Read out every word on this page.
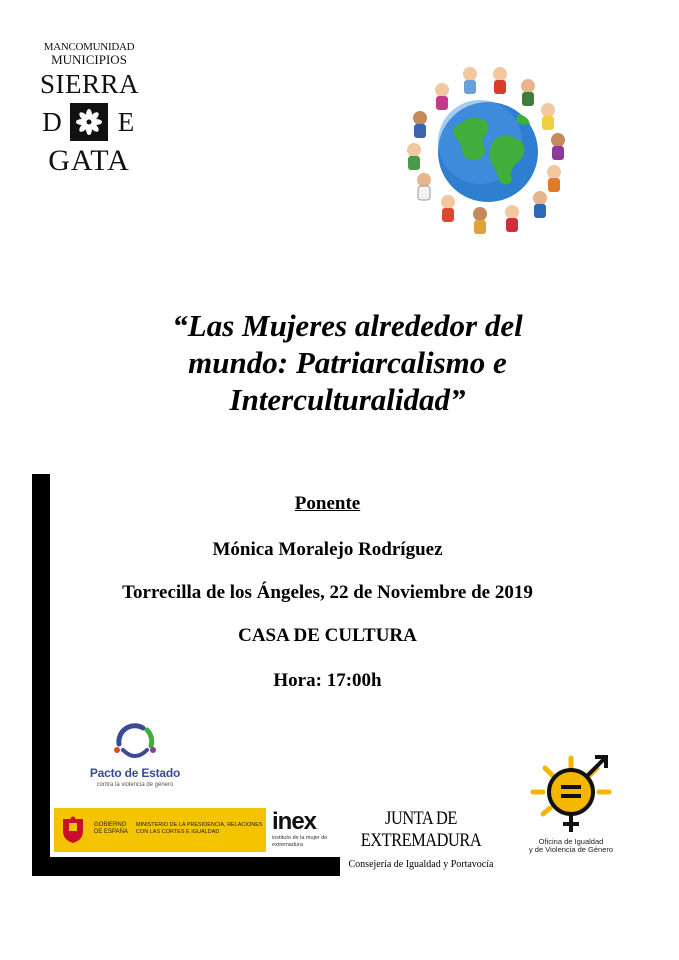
MANCOMUNIDAD
MUNICIPIOS
SIERRA
D E
GATA
“Las Mujeres alrededor del
mundo: Patriarcalismo e
Interculturalidad”
Ponente
Mónica Moralejo Rodríguez
Torrecilla de los Ángeles, 22 de Noviembre de 2019
CASA DE CULTURA
Hora: 17:00h
Pacto de Estado
contra la violencia de género
GOBIERNO DE ESPAÑA
MINISTERIO DE LA PRESIDENCIA, RELACIONES CON LAS CORTES E IGUALDAD	inex
instituto de la mujer de extremadura
JUNTA DE EXTREMADURA
Consejería de Igualdad y Portavocía
Oficina de Igualdad
y de Violencia de Género
